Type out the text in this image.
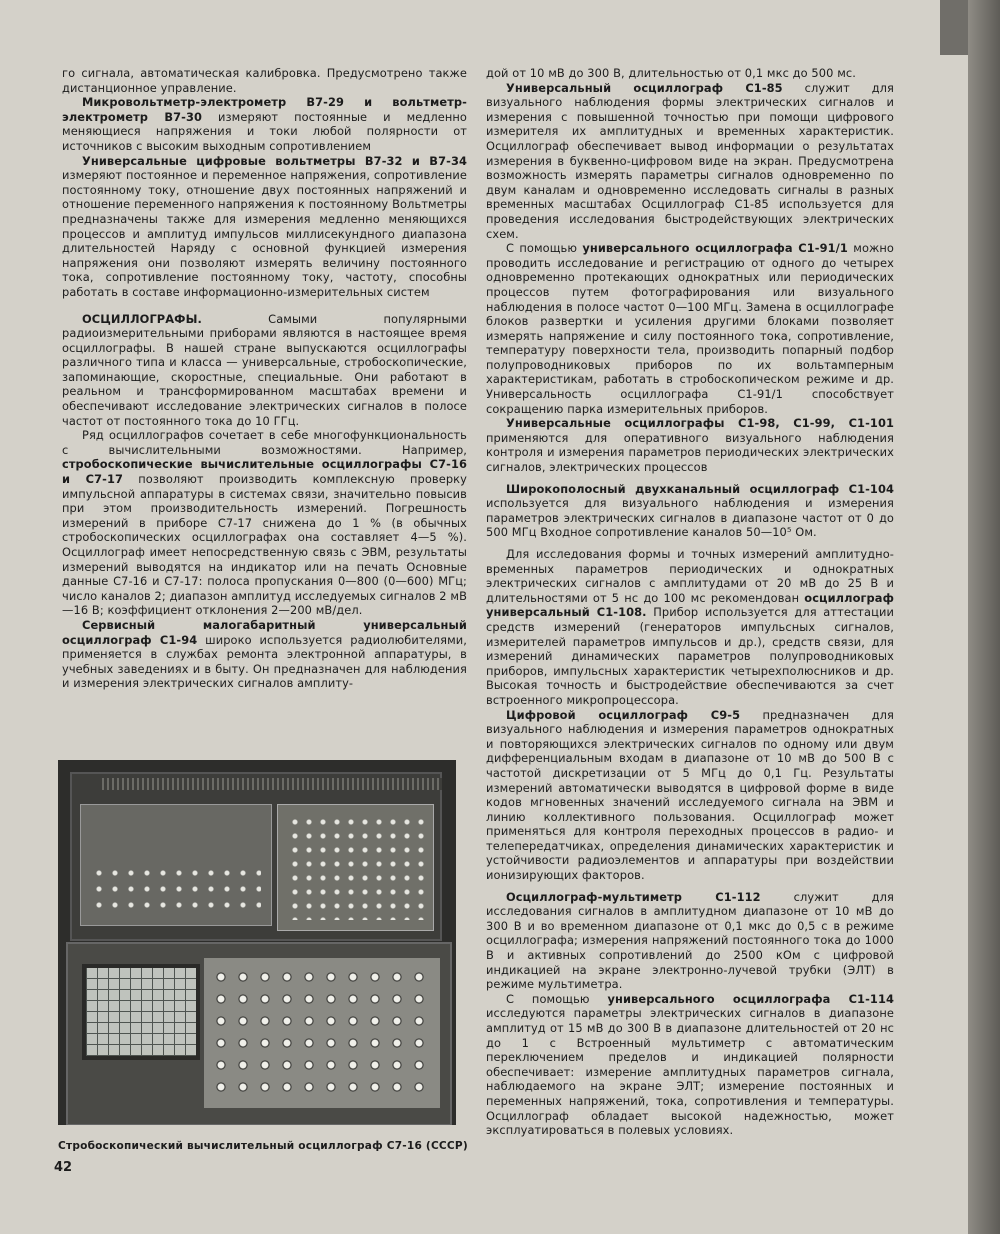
го сигнала, автоматическая калибровка. Предусмотрено также дистанционное управление.

Микровольтметр-электрометр В7-29 и вольтметр-электрометр В7-30 измеряют постоянные и медленно меняющиеся напряжения и токи любой полярности от источников с высоким выходным сопротивлением

Универсальные цифровые вольтметры В7-32 и В7-34 измеряют постоянное и переменное напряжения, сопротивление постоянному току, отношение двух постоянных напряжений и отношение переменного напряжения к постоянному Вольтметры предназначены также для измерения медленно меняющихся процессов и амплитуд импульсов миллисекундного диапазона длительностей Наряду с основной функцией измерения напряжения они позволяют измерять величину постоянного тока, сопротивление постоянному току, частоту, способны работать в составе информационно-измерительных систем

ОСЦИЛЛОГРАФЫ. Самыми популярными радиоизмерительными приборами являются в настоящее время осциллографы. В нашей стране выпускаются осциллографы различного типа и класса — универсальные, стробоскопические, запоминающие, скоростные, специальные. Они работают в реальном и трансформированном масштабах времени и обеспечивают исследование электрических сигналов в полосе частот от постоянного тока до 10 ГГц.

Ряд осциллографов сочетает в себе многофункциональность с вычислительными возможностями. Например, стробоскопические вычислительные осциллографы С7-16 и С7-17 позволяют производить комплексную проверку импульсной аппаратуры в системах связи, значительно повысив при этом производительность измерений. Погрешность измерений в приборе С7-17 снижена до 1 % (в обычных стробоскопических осциллографах она составляет 4—5 %). Осциллограф имеет непосредственную связь с ЭВМ, результаты измерений выводятся на индикатор или на печать Основные данные С7-16 и С7-17: полоса пропускания 0—800 (0—600) МГц; число каналов 2; диапазон амплитуд исследуемых сигналов 2 мВ—16 В; коэффициент отклонения 2—200 мВ/дел.

Сервисный малогабаритный универсальный осциллограф С1-94 широко используется радиолюбителями, применяется в службах ремонта электронной аппаратуры, в учебных заведениях и в быту. Он предназначен для наблюдения и измерения электрических сигналов амплиту-

дой от 10 мВ до 300 В, длительностью от 0,1 мкс до 500 мс.

Универсальный осциллограф С1-85 служит для визуального наблюдения формы электрических сигналов и измерения с повышенной точностью при помощи цифрового измерителя их амплитудных и временных характеристик. Осциллограф обеспечивает вывод информации о результатах измерения в буквенно-цифровом виде на экран. Предусмотрена возможность измерять параметры сигналов одновременно по двум каналам и одновременно исследовать сигналы в разных временных масштабах Осциллограф С1-85 используется для проведения исследования быстродействующих электрических схем.

С помощью универсального осциллографа С1-91/1 можно проводить исследование и регистрацию от одного до четырех одновременно протекающих однократных или периодических процессов путем фотографирования или визуального наблюдения в полосе частот 0—100 МГц. Замена в осциллографе блоков развертки и усиления другими блоками позволяет измерять напряжение и силу постоянного тока, сопротивление, температуру поверхности тела, производить попарный подбор полупроводниковых приборов по их вольтамперным характеристикам, работать в стробоскопическом режиме и др. Универсальность осциллографа С1-91/1 способствует сокращению парка измерительных приборов.

Универсальные осциллографы С1-98, С1-99, С1-101 применяются для оперативного визуального наблюдения контроля и измерения параметров периодических электрических сигналов, электрических процессов

Широкополосный двухканальный осциллограф С1-104 используется для визуального наблюдения и измерения параметров электрических сигналов в диапазоне частот от 0 до 500 МГц Входное сопротивление каналов 50—10⁵ Ом.

Для исследования формы и точных измерений амплитудно-временных параметров периодических и однократных электрических сигналов с амплитудами от 20 мВ до 25 В и длительностями от 5 нс до 100 мс рекомендован осциллограф универсальный С1-108. Прибор используется для аттестации средств измерений (генераторов импульсных сигналов, измерителей параметров импульсов и др.), средств связи, для измерений динамических параметров полупроводниковых приборов, импульсных характеристик четырехполюсников и др. Высокая точность и быстродействие обеспечиваются за счет встроенного микропроцессора.

Цифровой осциллограф С9-5 предназначен для визуального наблюдения и измерения параметров однократных и повторяющихся электрических сигналов по одному или двум дифференциальным входам в диапазоне от 10 мВ до 500 В с частотой дискретизации от 5 МГц до 0,1 Гц. Результаты измерений автоматически выводятся в цифровой форме в виде кодов мгновенных значений исследуемого сигнала на ЭВМ и линию коллективного пользования. Осциллограф может применяться для контроля переходных процессов в радио- и телепередатчиках, определения динамических характеристик и устойчивости радиоэлементов и аппаратуры при воздействии ионизирующих факторов.

Осциллограф-мультиметр С1-112 служит для исследования сигналов в амплитудном диапазоне от 10 мВ до 300 В и во временном диапазоне от 0,1 мкс до 0,5 с в режиме осциллографа; измерения напряжений постоянного тока до 1000 В и активных сопротивлений до 2500 кОм с цифровой индикацией на экране электронно-лучевой трубки (ЭЛТ) в режиме мультиметра.

С помощью универсального осциллографа С1-114 исследуются параметры электрических сигналов в диапазоне амплитуд от 15 мВ до 300 В в диапазоне длительностей от 20 нс до 1 с Встроенный мультиметр с автоматическим переключением пределов и индикацией полярности обеспечивает: измерение амплитудных параметров сигнала, наблюдаемого на экране ЭЛТ; измерение постоянных и переменных напряжений, тока, сопротивления и температуры. Осциллограф обладает высокой надежностью, может эксплуатироваться в полевых условиях.

Стробоскопический вычислительный осциллограф С7-16 (СССР)
42
